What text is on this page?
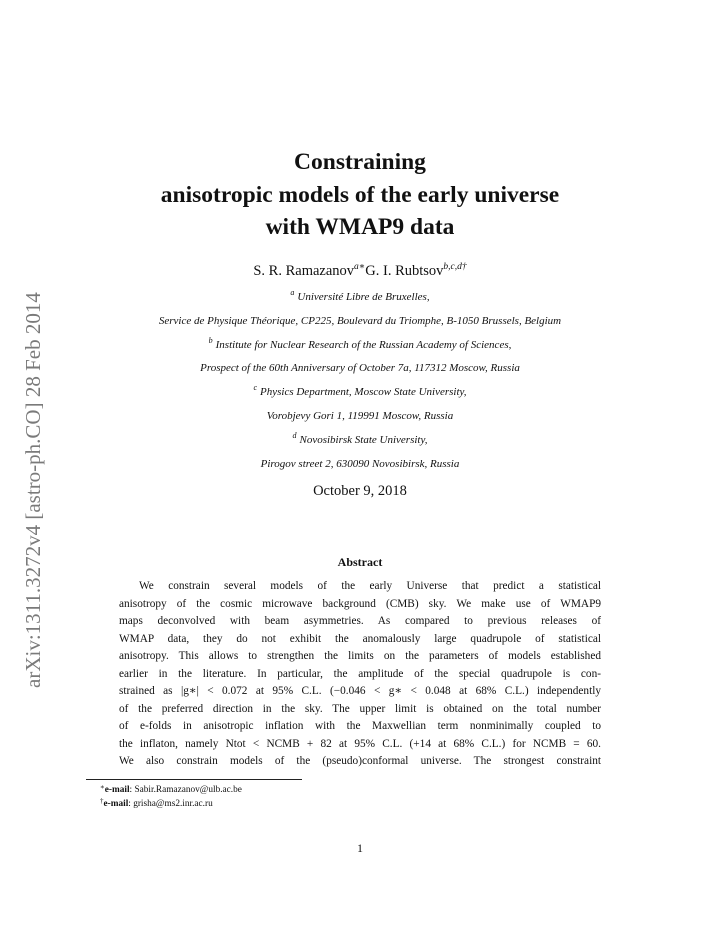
arXiv:1311.3272v4 [astro-ph.CO] 28 Feb 2014
Constraining
anisotropic models of the early universe
with WMAP9 data
S. R. Ramazanov$^{a∗}$G. I. Rubtsov$^{b,c,d\dagger}$
$^a$ Université Libre de Bruxelles,
Service de Physique Théorique, CP225, Boulevard du Triomphe, B-1050 Brussels, Belgium
$^b$ Institute for Nuclear Research of the Russian Academy of Sciences,
Prospect of the 60th Anniversary of October 7a, 117312 Moscow, Russia
$^c$ Physics Department, Moscow State University,
Vorobjevy Gori 1, 119991 Moscow, Russia
$^d$ Novosibirsk State University,
Pirogov street 2, 630090 Novosibirsk, Russia
October 9, 2018
Abstract
We constrain several models of the early Universe that predict a statistical
anisotropy of the cosmic microwave background (CMB) sky. We make use of WMAP9
maps deconvolved with beam asymmetries. As compared to previous releases of
WMAP data, they do not exhibit the anomalously large quadrupole of statistical
anisotropy. This allows to strengthen the limits on the parameters of models established
earlier in the literature. In particular, the amplitude of the special quadrupole is con-
strained as |g∗| < 0.072 at 95% C.L. (−0.046 < g∗ < 0.048 at 68% C.L.) independently
of the preferred direction in the sky. The upper limit is obtained on the total number
of e-folds in anisotropic inflation with the Maxwellian term nonminimally coupled to
the inflaton, namely Ntot < NCMB + 82 at 95% C.L. (+14 at 68% C.L.) for NCMB = 60.
We also constrain models of the (pseudo)conformal universe. The strongest constraint
∗e-mail: Sabir.Ramazanov@ulb.ac.be
†e-mail: grisha@ms2.inr.ac.ru
1
